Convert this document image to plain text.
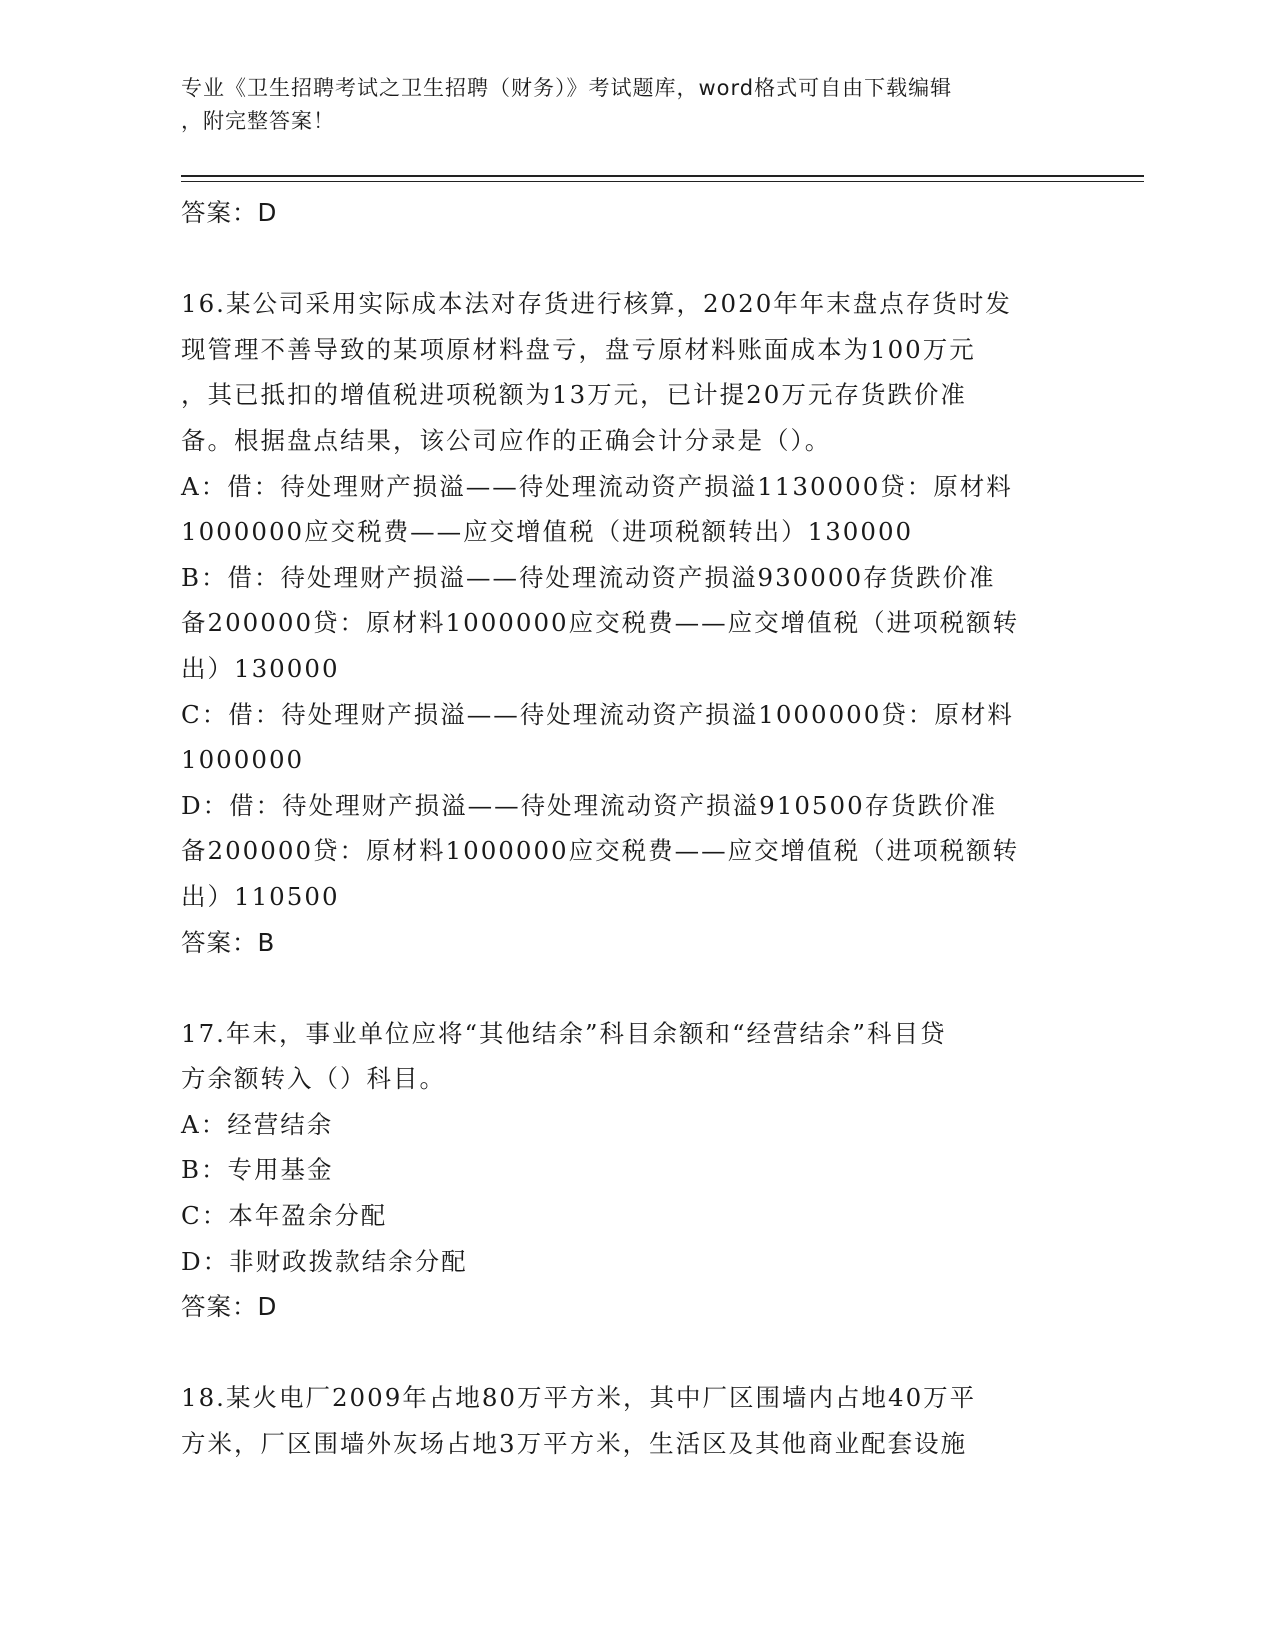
专业《卫生招聘考试之卫生招聘（财务）》考试题库，word格式可自由下载编辑
，附完整答案！
答案：D
16.某公司采用实际成本法对存货进行核算，2020年年末盘点存货时发
现管理不善导致的某项原材料盘亏，盘亏原材料账面成本为100万元
，其已抵扣的增值税进项税额为13万元，已计提20万元存货跌价准
备。根据盘点结果，该公司应作的正确会计分录是（）。
A：借：待处理财产损溢——待处理流动资产损溢1130000贷：原材料
1000000应交税费——应交增值税（进项税额转出）130000
B：借：待处理财产损溢——待处理流动资产损溢930000存货跌价准
备200000贷：原材料1000000应交税费——应交增值税（进项税额转
出）130000
C：借：待处理财产损溢——待处理流动资产损溢1000000贷：原材料
1000000
D：借：待处理财产损溢——待处理流动资产损溢910500存货跌价准
备200000贷：原材料1000000应交税费——应交增值税（进项税额转
出）110500
答案：B
17.年末，事业单位应将“其他结余”科目余额和“经营结余”科目贷
方余额转入（）科目。
A：经营结余
B：专用基金
C：本年盈余分配
D：非财政拨款结余分配
答案：D
18.某火电厂2009年占地80万平方米，其中厂区围墙内占地40万平
方米，厂区围墙外灰场占地3万平方米，生活区及其他商业配套设施
